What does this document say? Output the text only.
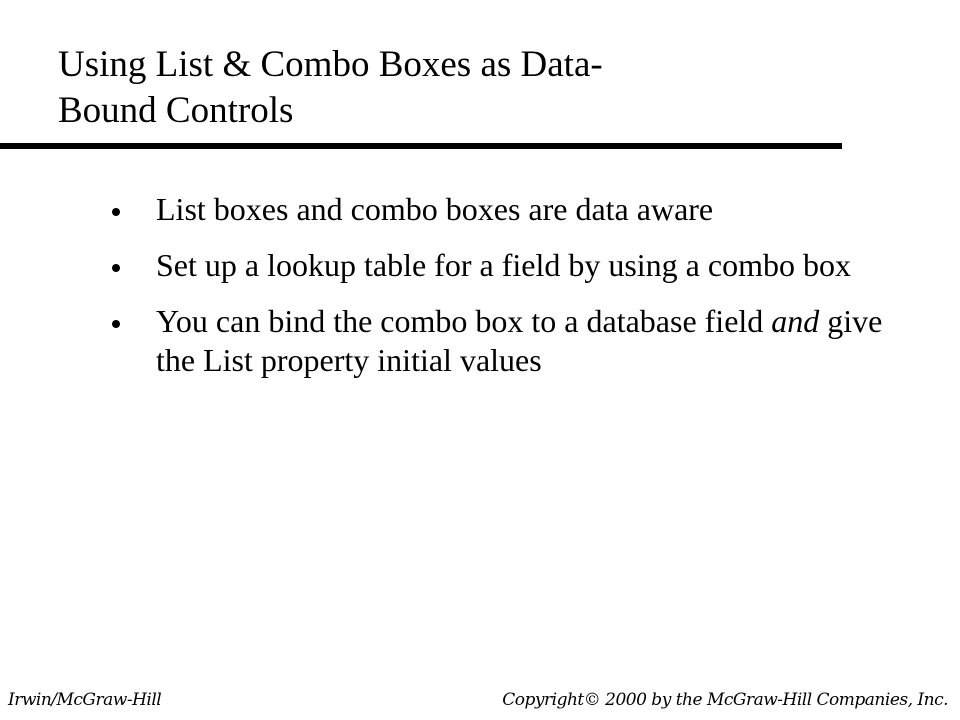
Using List & Combo Boxes as Data-
Bound Controls
List boxes and combo boxes are data aware
Set up a lookup table for a field by using a combo box
You can bind the combo box to a database field and give the List property initial values
Irwin/McGraw-Hill	Copyright© 2000 by the McGraw-Hill Companies, Inc.
